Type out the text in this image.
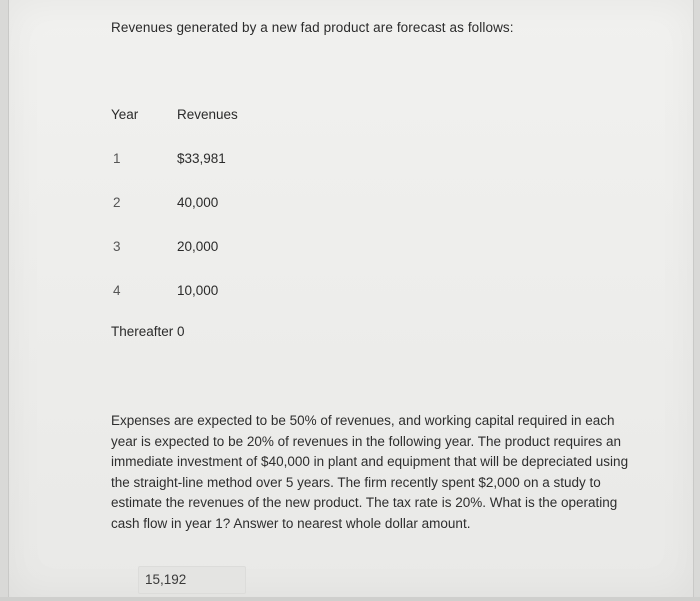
Revenues generated by a new fad product are forecast as follows:
Year	Revenues
1	$33,981
2	40,000
3	20,000
4	10,000
Thereafter 0
Expenses are expected to be 50% of revenues, and working capital required in each year is expected to be 20% of revenues in the following year. The product requires an immediate investment of $40,000 in plant and equipment that will be depreciated using the straight-line method over 5 years. The firm recently spent $2,000 on a study to estimate the revenues of the new product. The tax rate is 20%. What is the operating cash flow in year 1? Answer to nearest whole dollar amount.
15,192
